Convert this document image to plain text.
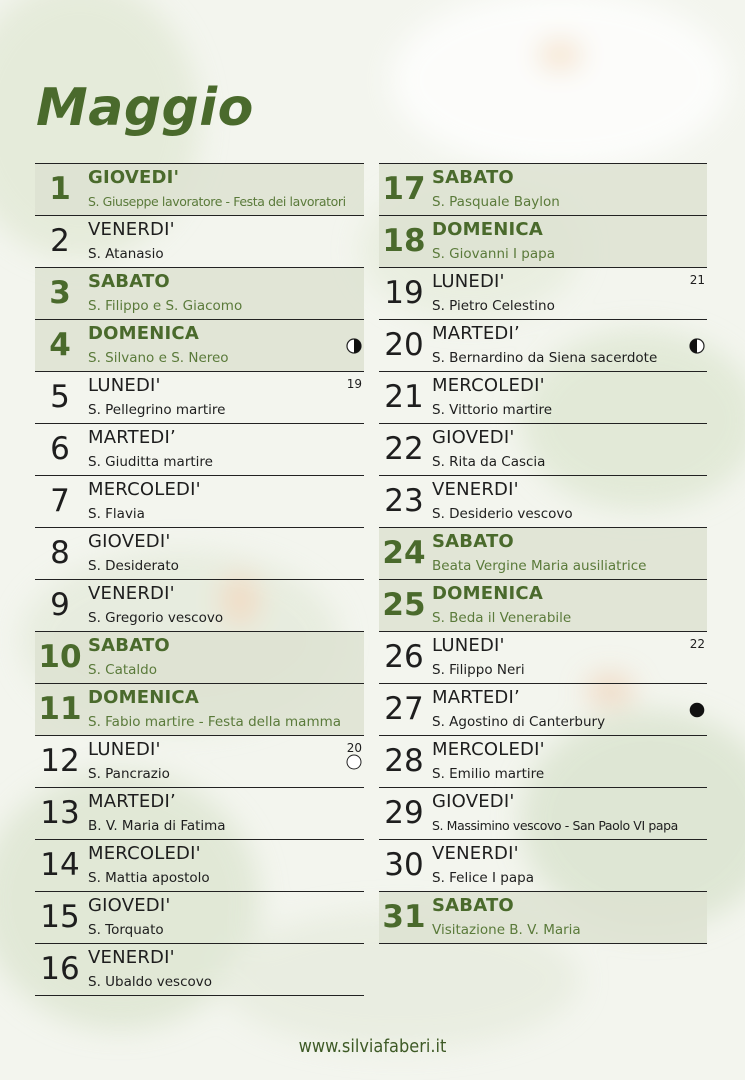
Maggio
1 GIOVEDI'
S. Giuseppe lavoratore - Festa dei lavoratori
2	VENERDI'
S. Atanasio
3 SABATO
S. Filippo e S. Giacomo
4 DOMENICA
S. Silvano e S. Nereo
5	LUNEDI'
S. Pellegrino martire
19
6	MARTEDI’
S. Giuditta martire
7	MERCOLEDI'
S. Flavia
8	GIOVEDI'
S. Desiderato
9	VENERDI'
S. Gregorio vescovo
10 SABATO
S. Cataldo
11 DOMENICA
S. Fabio martire - Festa della mamma
12 LUNEDI'
S. Pancrazio
20
13 MARTEDI’
B. V. Maria di Fatima
14 MERCOLEDI'
S. Mattia apostolo
15 GIOVEDI'
S. Torquato
16 VENERDI'
S. Ubaldo vescovo
17 SABATO
S. Pasquale Baylon
18 DOMENICA
S. Giovanni I papa
19 LUNEDI'
S. Pietro Celestino
21
20 MARTEDI’
S. Bernardino da Siena sacerdote
21 MERCOLEDI'
S. Vittorio martire
22 GIOVEDI'
S. Rita da Cascia
23 VENERDI'
S. Desiderio vescovo
24 SABATO
Beata Vergine Maria ausiliatrice
25 DOMENICA
S. Beda il Venerabile
26 LUNEDI'
S. Filippo Neri
22
27 MARTEDI’
S. Agostino di Canterbury
28 MERCOLEDI'
S. Emilio martire
29 GIOVEDI'
S. Massimino vescovo - San Paolo VI papa
30 VENERDI'
S. Felice I papa
31 SABATO
Visitazione B. V. Maria
www.silviafaberi.it
